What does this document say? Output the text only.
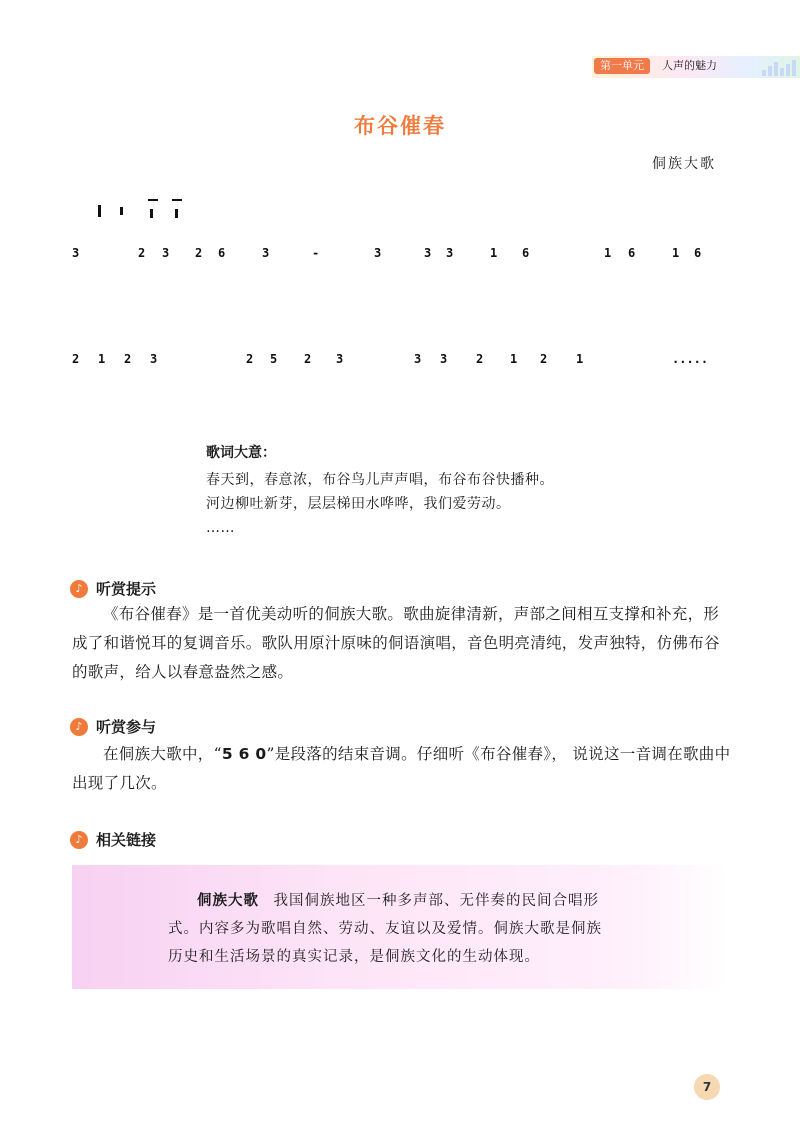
第一单元	人声的魅力
布谷催春
侗族大歌
3	2 3 2 6	3	-	3	3 3	1 6	1 6	1 6
2 1 2 3	2 5 2 3	3 3 2 1 2 1	.....
歌词大意：
春天到，春意浓，布谷鸟儿声声唱，布谷布谷快播种。
河边柳吐新芽，层层梯田水哗哗，我们爱劳动。
……
♪ 听赏提示

《布谷催春》是一首优美动听的侗族大歌。歌曲旋律清新，声部之间相互支撑和补充，形成了和谐悦耳的复调音乐。歌队用原汁原味的侗语演唱，音色明亮清纯，发声独特，仿佛布谷的歌声，给人以春意盎然之感。

♪ 听赏参与

在侗族大歌中，“5 6 0”是段落的结束音调。仔细听《布谷催春》， 说说这一音调在歌曲中出现了几次。

♪ 相关链接
侗族大歌 我国侗族地区一种多声部、无伴奏的民间合唱形式。内容多为歌唱自然、劳动、友谊以及爱情。侗族大歌是侗族历史和生活场景的真实记录，是侗族文化的生动体现。
7
